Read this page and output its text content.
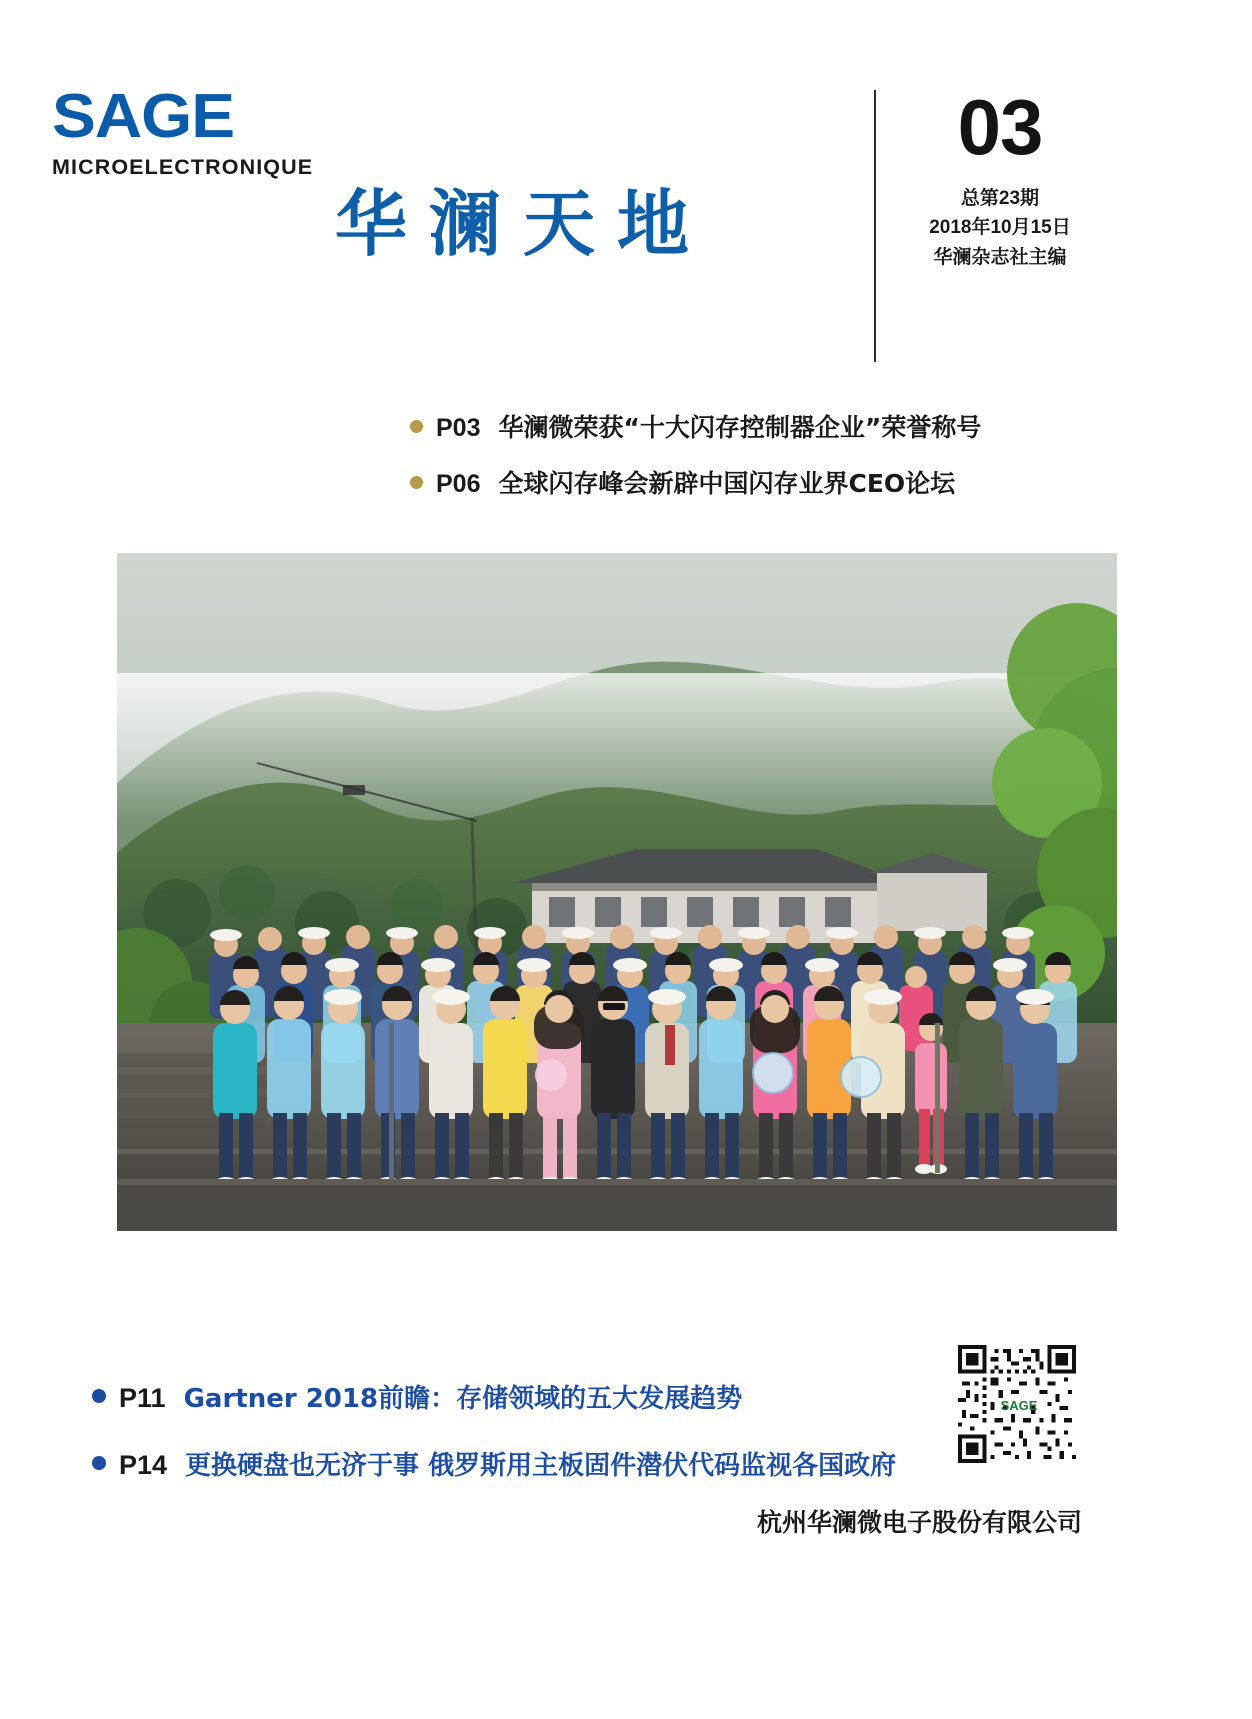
SAGE
MICROELECTRONIQUE
华澜天地
03
总第23期
2018年10月15日
华澜杂志社主编
P03 华澜微荣获“十大闪存控制器企业”荣誉称号
P06 全球闪存峰会新辟中国闪存业界CEO论坛
P11 Gartner 2018前瞻：存储领域的五大发展趋势
P14 更换硬盘也无济于事 俄罗斯用主板固件潜伏代码监视各国政府
SAGE
杭州华澜微电子股份有限公司
